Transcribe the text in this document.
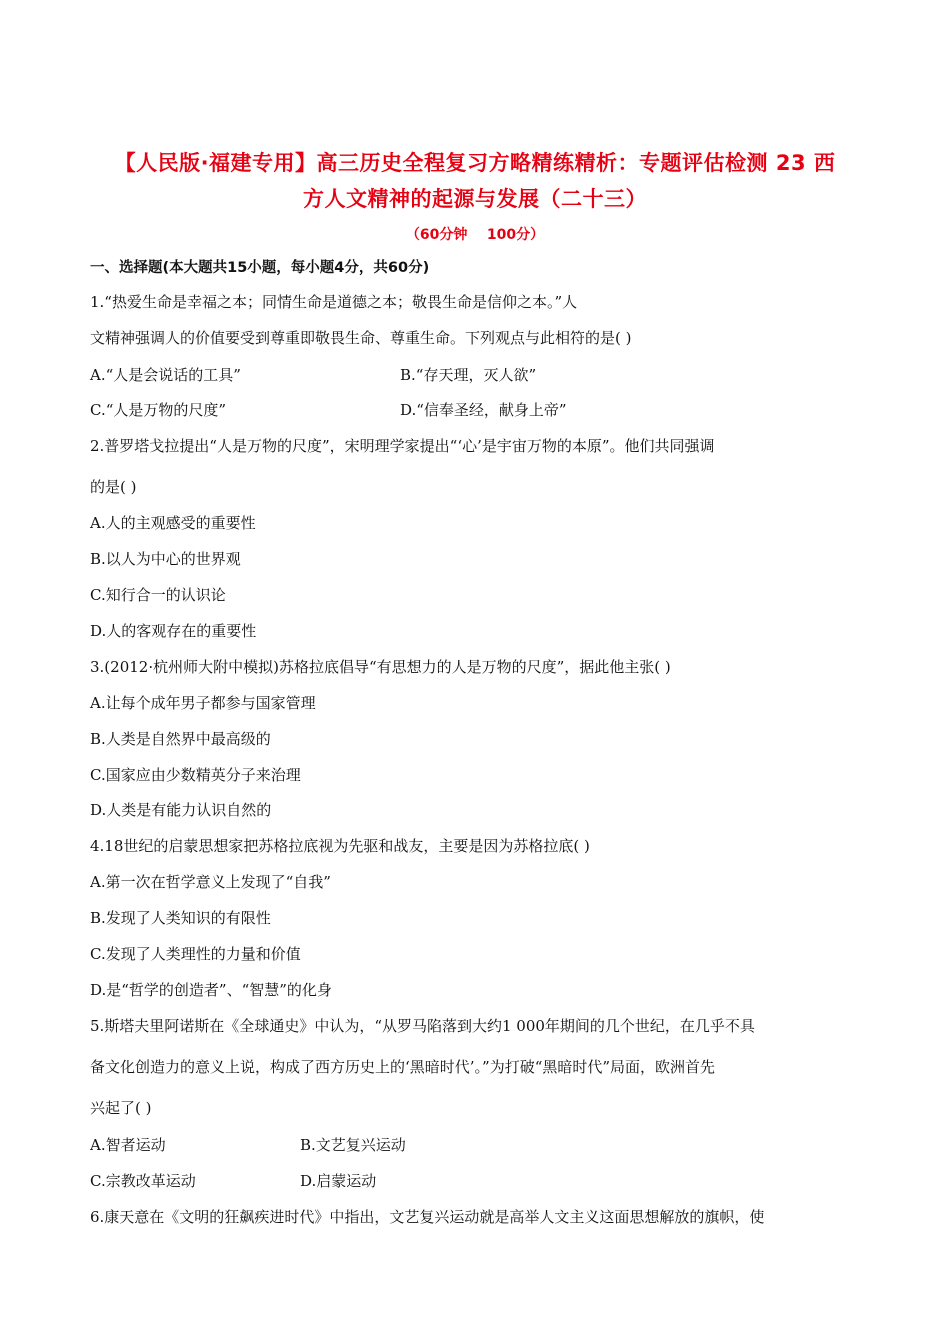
【人民版·福建专用】高三历史全程复习方略精练精析：专题评估检测 23 西
方人文精神的起源与发展（二十三）
（60分钟    100分）
一、选择题(本大题共15小题，每小题4分，共60分)
1.“热爱生命是幸福之本；同情生命是道德之本；敬畏生命是信仰之本。”人
文精神强调人的价值要受到尊重即敬畏生命、尊重生命。下列观点与此相符的是( )
A.“人是会说话的工具”	B.“存天理，灭人欲”
C.“人是万物的尺度”	D.“信奉圣经，献身上帝”
2.普罗塔戈拉提出“人是万物的尺度”，宋明理学家提出“‘心’是宇宙万物的本原”。他们共同强调
的是( )
A.人的主观感受的重要性
B.以人为中心的世界观
C.知行合一的认识论
D.人的客观存在的重要性
3.(2012·杭州师大附中模拟)苏格拉底倡导“有思想力的人是万物的尺度”，据此他主张( )
A.让每个成年男子都参与国家管理
B.人类是自然界中最高级的
C.国家应由少数精英分子来治理
D.人类是有能力认识自然的
4.18世纪的启蒙思想家把苏格拉底视为先驱和战友，主要是因为苏格拉底( )
A.第一次在哲学意义上发现了“自我”
B.发现了人类知识的有限性
C.发现了人类理性的力量和价值
D.是“哲学的创造者”、“智慧”的化身
5.斯塔夫里阿诺斯在《全球通史》中认为，“从罗马陷落到大约1 000年期间的几个世纪，在几乎不具
备文化创造力的意义上说，构成了西方历史上的‘黑暗时代’。”为打破“黑暗时代”局面，欧洲首先
兴起了( )
A.智者运动	B.文艺复兴运动
C.宗教改革运动	D.启蒙运动
6.康天意在《文明的狂飙疾进时代》中指出，文艺复兴运动就是高举人文主义这面思想解放的旗帜，使
